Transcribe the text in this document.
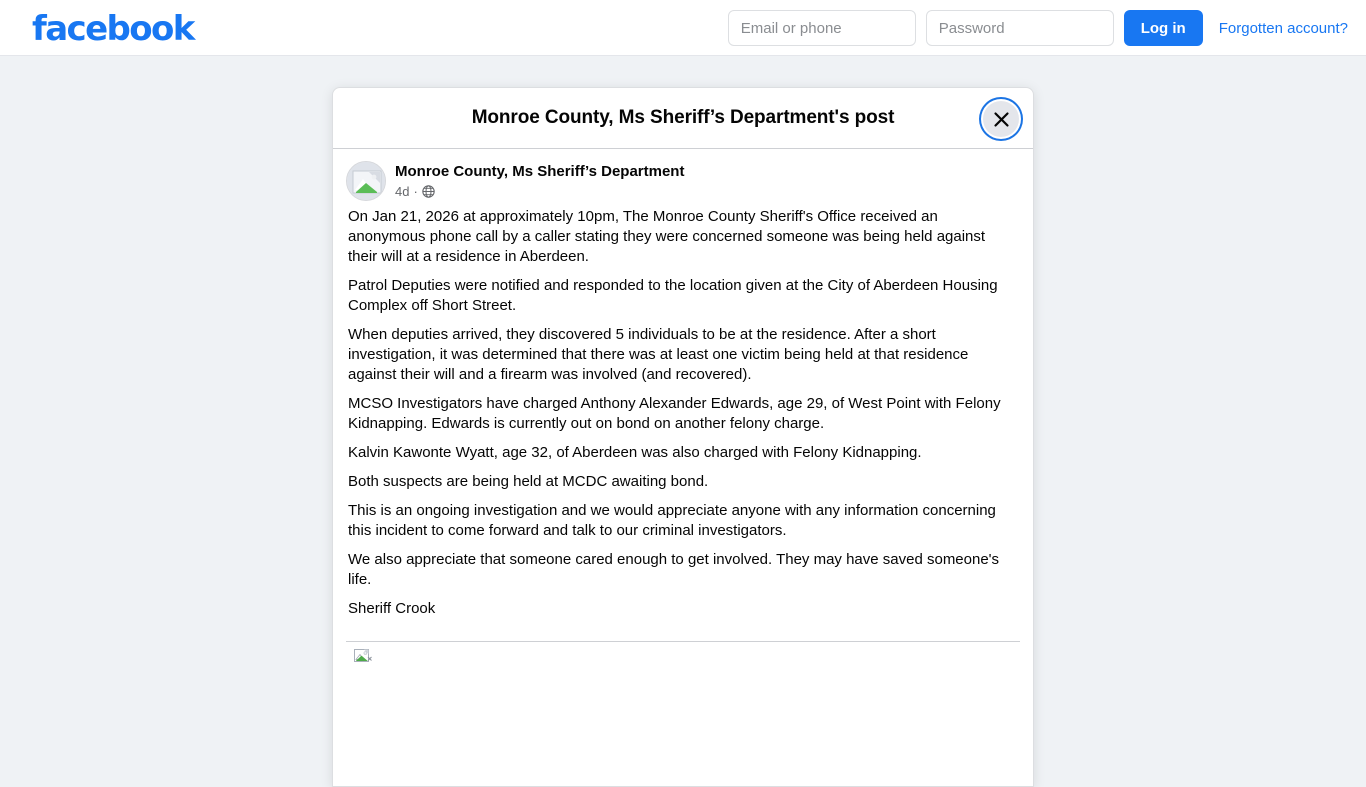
facebook
Email or phone	Log in	Forgotten account?
Monroe County, Ms Sheriff’s Department's post
Monroe County, Ms Sheriff’s Department
4d ·

On Jan 21, 2026 at approximately 10pm, The Monroe County Sheriff's Office received an anonymous phone call by a caller stating they were concerned someone was being held against their will at a residence in Aberdeen.

Patrol Deputies were notified and responded to the location given at the City of Aberdeen Housing Complex off Short Street.

When deputies arrived, they discovered 5 individuals to be at the residence. After a short investigation, it was determined that there was at least one victim being held at that residence against their will and a firearm was involved (and recovered).

MCSO Investigators have charged Anthony Alexander Edwards, age 29, of West Point with Felony Kidnapping. Edwards is currently out on bond on another felony charge.

Kalvin Kawonte Wyatt, age 32, of Aberdeen was also charged with Felony Kidnapping.

Both suspects are being held at MCDC awaiting bond.

This is an ongoing investigation and we would appreciate anyone with any information concerning this incident to come forward and talk to our criminal investigators.

We also appreciate that someone cared enough to get involved. They may have saved someone's life.

Sheriff Crook
